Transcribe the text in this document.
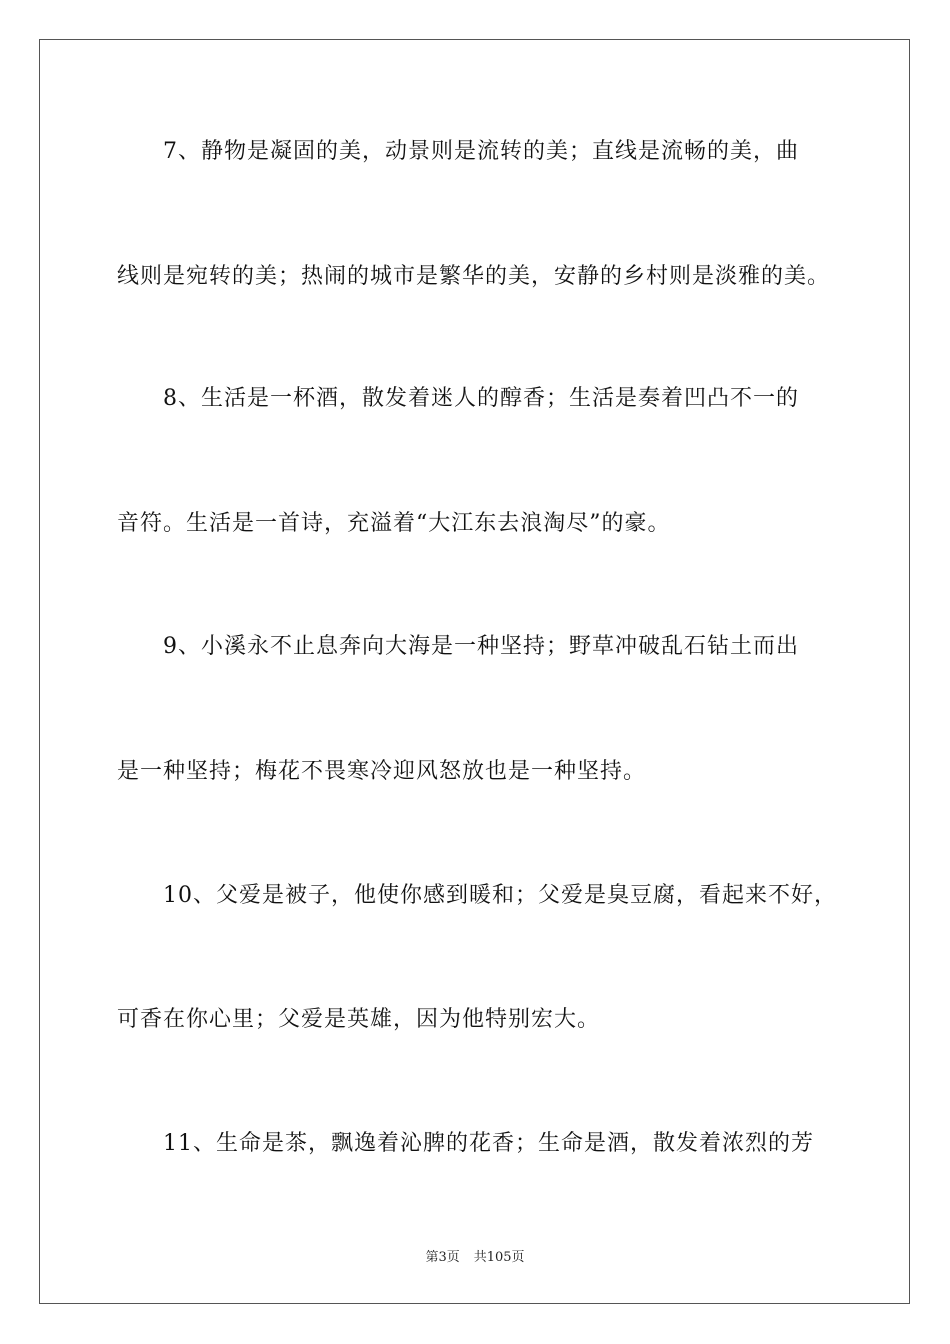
7、静物是凝固的美，动景则是流转的美；直线是流畅的美，曲
线则是宛转的美；热闹的城市是繁华的美，安静的乡村则是淡雅的美。
8、生活是一杯酒，散发着迷人的醇香；生活是奏着凹凸不一的
音符。生活是一首诗，充溢着“大江东去浪淘尽”的豪。
9、小溪永不止息奔向大海是一种坚持；野草冲破乱石钻土而出
是一种坚持；梅花不畏寒冷迎风怒放也是一种坚持。
10、父爱是被子，他使你感到暖和；父爱是臭豆腐，看起来不好，
可香在你心里；父爱是英雄，因为他特别宏大。
11、生命是茶，飘逸着沁脾的花香；生命是酒，散发着浓烈的芳
第3页 共105页
